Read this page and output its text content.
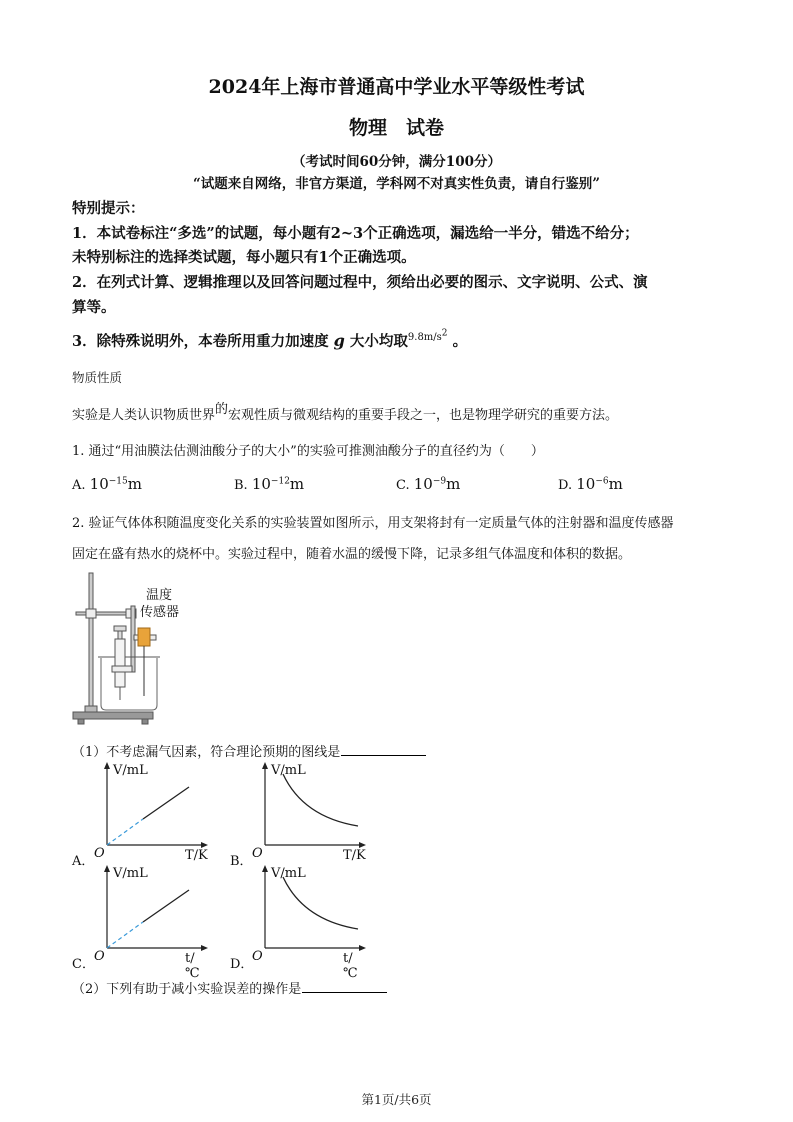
2024年上海市普通高中学业水平等级性考试
物理　试卷
（考试时间60分钟，满分100分）
“试题来自网络，非官方渠道，学科网不对真实性负责，请自行鉴别”
特别提示：
1．本试卷标注“多选”的试题，每小题有2~3个正确选项，漏选给一半分，错选不给分；
未特别标注的选择类试题，每小题只有1个正确选项。
2．在列式计算、逻辑推理以及回答问题过程中，须给出必要的图示、文字说明、公式、演
算等。
3．除特殊说明外，本卷所用重力加速度 g 大小均取$^{9.8m/s^2}$ 。
物质性质
实验是人类认识物质世界的宏观性质与微观结构的重要手段之一，也是物理学研究的重要方法。
1. 通过“用油膜法估测油酸分子的大小”的实验可推测油酸分子的直径约为（　　）
A. $10^{-15}m$	B. $10^{-12}m$	C. $10^{-9}m$	D. $10^{-6}m$
2. 验证气体体积随温度变化关系的实验装置如图所示，用支架将封有一定质量气体的注射器和温度传感器
固定在盛有热水的烧杯中。实验过程中，随着水温的缓慢下降，记录多组气体温度和体积的数据。
温度
传感器
（1）不考虑漏气因素，符合理论预期的图线是
V/mL
T/K
O
A．
V/mL
T/K
O
B．
V/mL
t/℃
O
C．
V/mL
t/℃
O
D．
（2）下列有助于减小实验误差的操作是
第1页/共6页
